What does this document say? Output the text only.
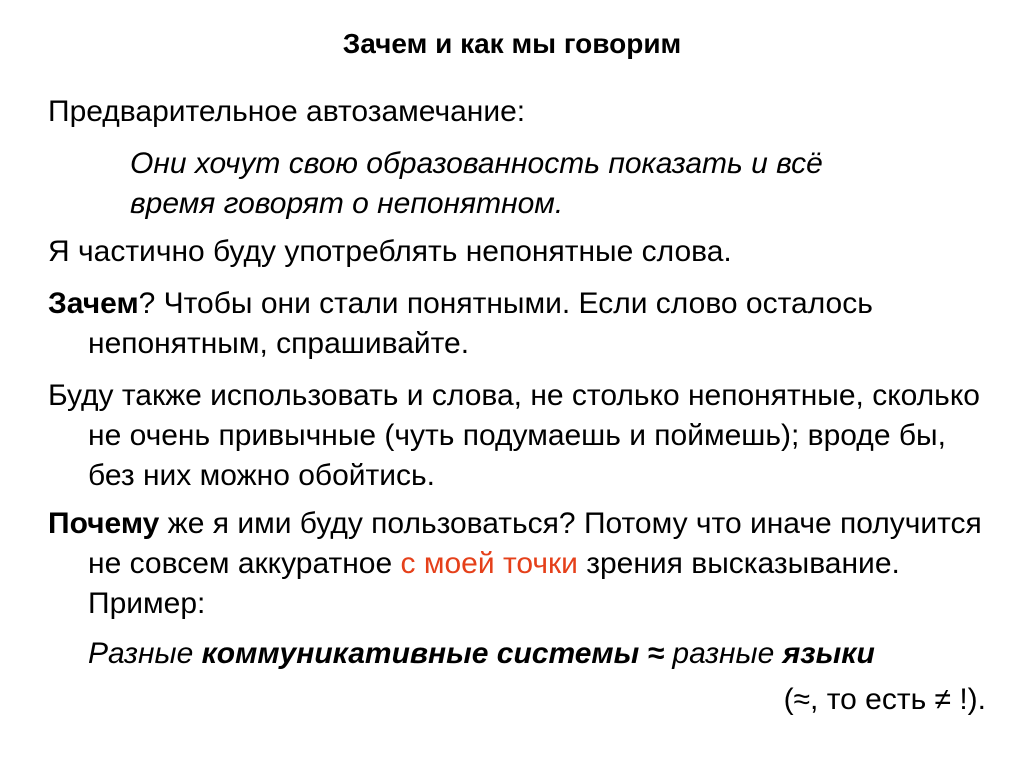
Зачем и как мы говорим

Предварительное автозамечание:

Они хочут свою образованность показать и всё
время говорят о непонятном.

Я частично буду употреблять непонятные слова.

Зачем? Чтобы они стали понятными. Если слово осталось непонятным, спрашивайте.

Буду также использовать и слова, не столько непонятные, сколько не очень привычные (чуть подумаешь и поймешь); вроде бы, без них можно обойтись.

Почему же я ими буду пользоваться? Потому что иначе получится не совсем аккуратное с моей точки зрения высказывание. Пример:

Разные коммуникативные системы ≈ разные языки

(≈, то есть ≠ !).
